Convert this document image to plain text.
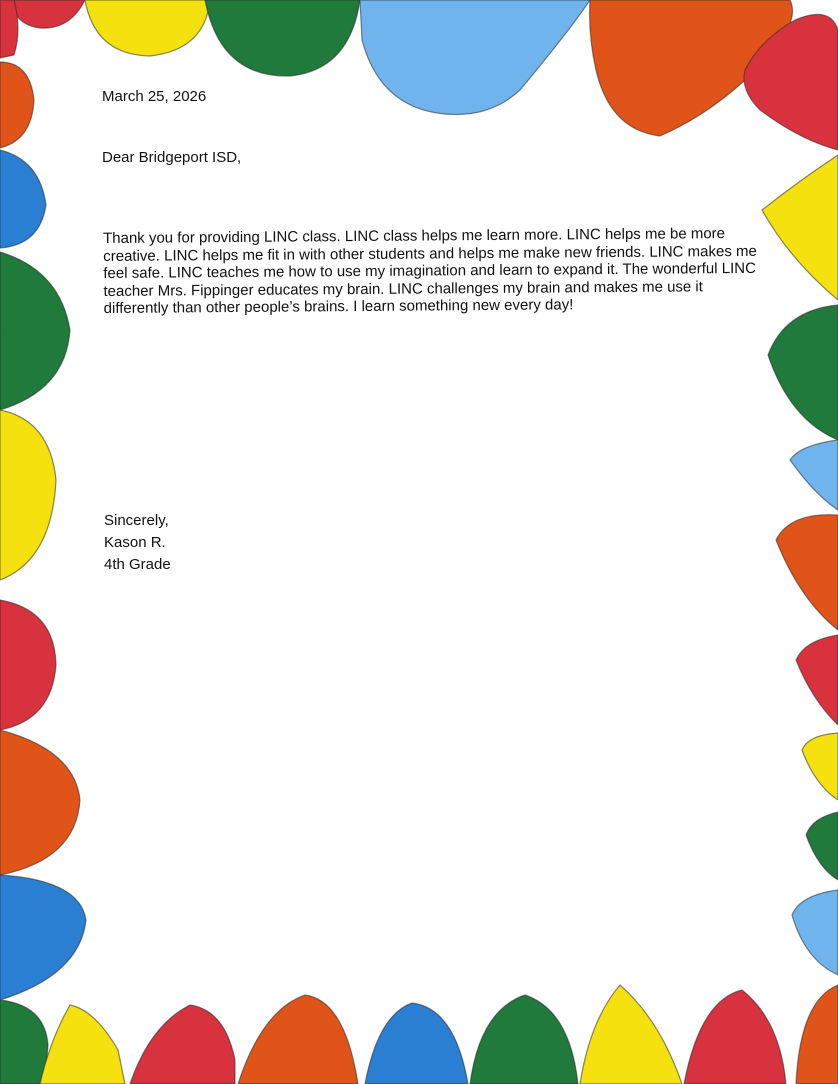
March 25, 2026
Dear Bridgeport ISD,

Thank you for providing LINC class. LINC class helps me learn more. LINC helps me be more creative. LINC helps me fit in with other students and helps me make new friends. LINC makes me feel safe. LINC teaches me how to use my imagination and learn to expand it. The wonderful LINC teacher Mrs. Fippinger educates my brain. LINC challenges my brain and makes me use it differently than other people’s brains. I learn something new every day!

Sincerely,
Kason R.
4th Grade
